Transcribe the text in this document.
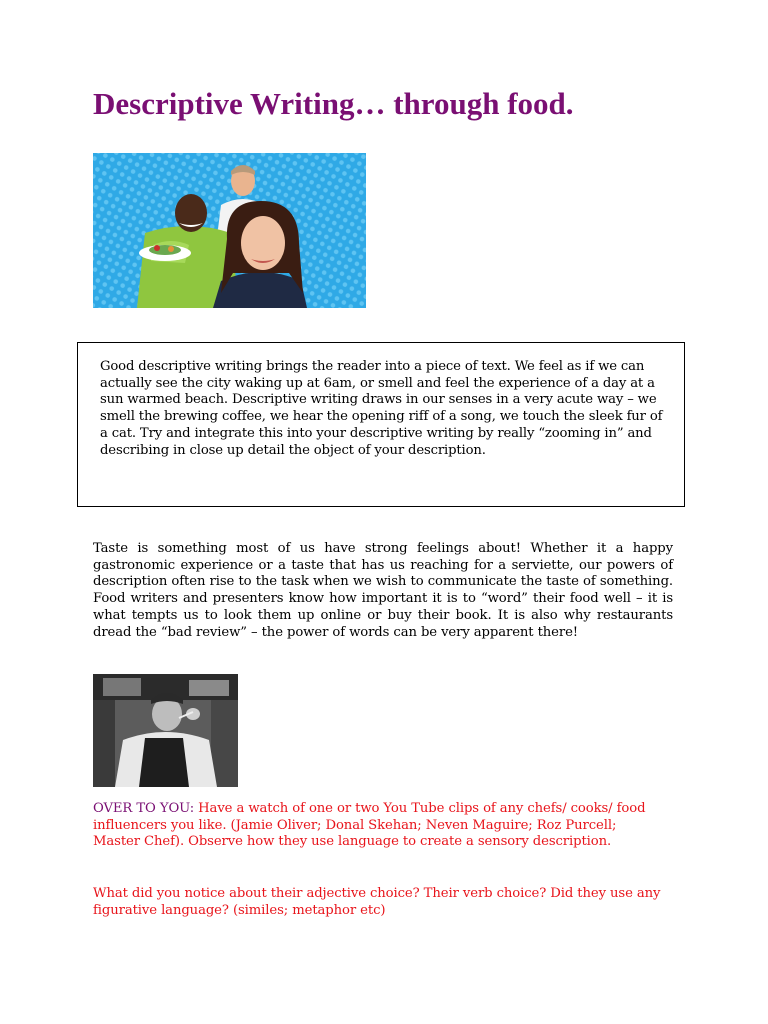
Descriptive Writing… through food.

Good descriptive writing brings the reader into a piece of text. We feel as if we can actually see the city waking up at 6am, or smell and feel the experience of a day at a sun warmed beach. Descriptive writing draws in our senses in a very acute way – we smell the brewing coffee, we hear the opening riff of a song, we touch the sleek fur of a cat. Try and integrate this into your descriptive writing by really “zooming in” and describing in close up detail the object of your description.

Taste is something most of us have strong feelings about! Whether it a happy gastronomic experience or a taste that has us reaching for a serviette, our powers of description often rise to the task when we wish to communicate the taste of something. Food writers and presenters know how important it is to “word” their food well – it is what tempts us to look them up online or buy their book. It is also why restaurants dread the “bad review” – the power of words can be very apparent there!

OVER TO YOU: Have a watch of one or two You Tube clips of any chefs/ cooks/ food influencers you like. (Jamie Oliver; Donal Skehan; Neven Maguire; Roz Purcell; Master Chef). Observe how they use language to create a sensory description.

What did you notice about their adjective choice? Their verb choice? Did they use any figurative language? (similes; metaphor etc)
